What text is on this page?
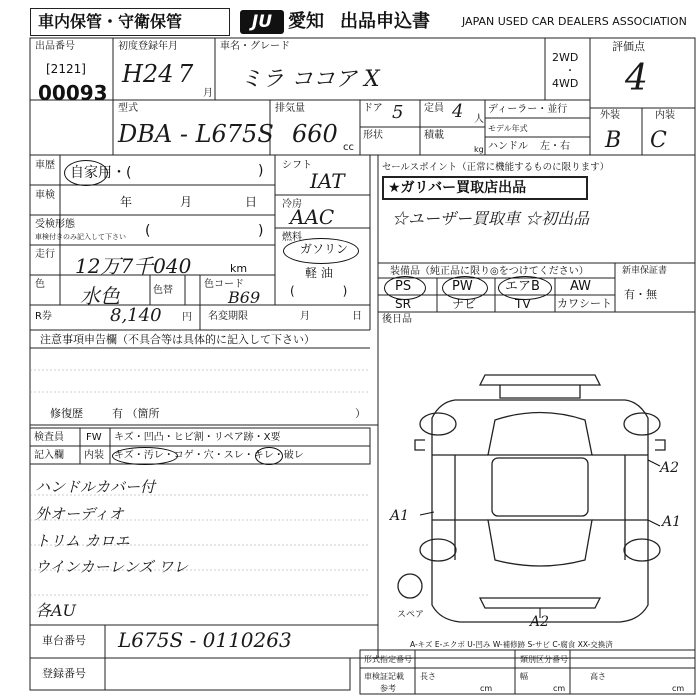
車内保管・守衛保管	JU 愛知 出品申込書	JAPAN USED CAR DEALERS ASSOCIATION
出品番号
[2121]
00093
初度登録年月
H24 7
月
車名・グレード
ミラ ココア X
2WD
・
4WD
評価点
4
外装	内装
B C
型式
DBA - L675S
排気量
660 cc
ドア 5
形状
定員 4 人
積載
kg
ディーラー・並行
モデル年式
ハンドル 左・右
車歴 自家用・(	)
車検	年	月	日
受検形態
車検付きのみ記入して下さい (	)
走行 12万7千040	km
色 水色	色替
色コード
B69
シフト
IAT
冷房
AAC
燃料
ガソリン
軽 油
(　　　　)
R券	8,140 円 名変期限	月	日
セールスポイント（正常に機能するものに限ります）
★ガリバー買取店出品
☆ユーザー買取車 ☆初出品
装備品（純正品に限り◎をつけてください）
PS	PW エアB AW
SR	ナビ	TV カワシート
新車保証書
有・無
後日品
注意事項申告欄（不具合等は具体的に記入して下さい）
修復歴	有 （箇所	）
検査員
記入欄
FW キズ・凹凸・ヒビ割・リペア跡・X要
内装 キズ・汚レ・コゲ・穴・スレ・キレ・破レ
ハンドルカバー付
外オーディオ
トリム カロエ
ウインカーレンズ ワレ
各AU
車台番号 L675S - 0110263
登録番号
A1	A1
A2
A2
スペア
A-キズ E-エクボ U-凹み W-補修跡 S-サビ C-腐食 XX-交換済
形式指定番号	類別区分番号
車検証記載 長さ	幅	高さ
参考	cm	cm	cm
